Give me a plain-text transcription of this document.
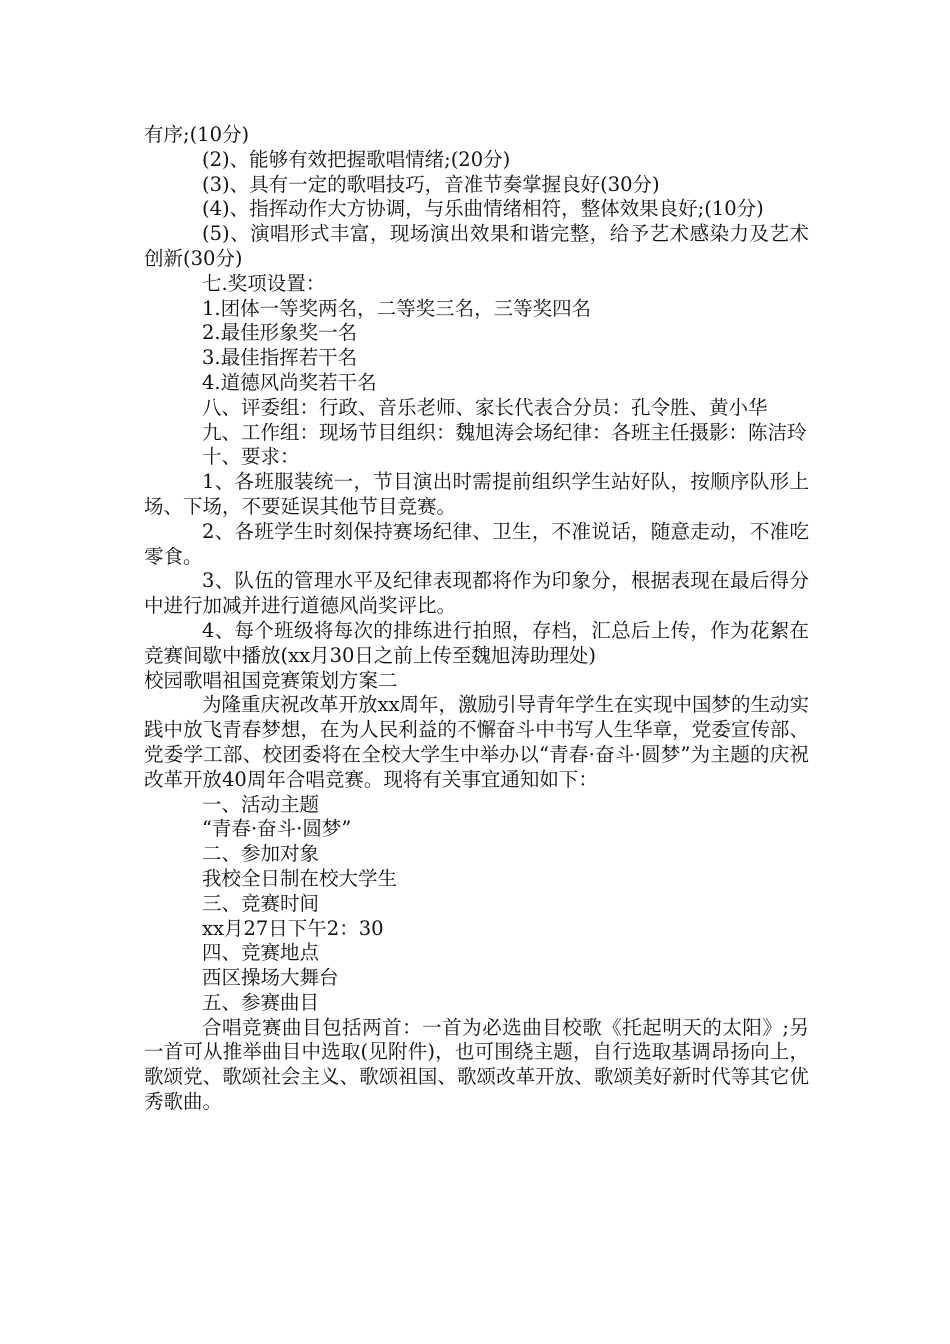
有序;(10分)

(2)、能够有效把握歌唱情绪;(20分)

(3)、具有一定的歌唱技巧，音准节奏掌握良好(30分)

(4)、指挥动作大方协调，与乐曲情绪相符，整体效果良好;(10分)

(5)、演唱形式丰富，现场演出效果和谐完整，给予艺术感染力及艺术创新(30分)

七.奖项设置：

1.团体一等奖两名，二等奖三名，三等奖四名

2.最佳形象奖一名

3.最佳指挥若干名

4.道德风尚奖若干名

八、评委组：行政、音乐老师、家长代表合分员：孔令胜、黄小华

九、工作组：现场节目组织：魏旭涛会场纪律：各班主任摄影：陈洁玲

十、要求：

1、各班服装统一，节目演出时需提前组织学生站好队，按顺序队形上场、下场，不要延误其他节目竞赛。

2、各班学生时刻保持赛场纪律、卫生，不准说话，随意走动，不准吃零食。

3、队伍的管理水平及纪律表现都将作为印象分，根据表现在最后得分中进行加减并进行道德风尚奖评比。

4、每个班级将每次的排练进行拍照，存档，汇总后上传，作为花絮在竞赛间歇中播放(xx月30日之前上传至魏旭涛助理处)

校园歌唱祖国竞赛策划方案二

为隆重庆祝改革开放xx周年，激励引导青年学生在实现中国梦的生动实践中放飞青春梦想，在为人民利益的不懈奋斗中书写人生华章，党委宣传部、党委学工部、校团委将在全校大学生中举办以“青春·奋斗·圆梦”为主题的庆祝改革开放40周年合唱竞赛。现将有关事宜通知如下：

一、活动主题

“青春·奋斗·圆梦”

二、参加对象

我校全日制在校大学生

三、竞赛时间

xx月27日下午2：30

四、竞赛地点

西区操场大舞台

五、参赛曲目

合唱竞赛曲目包括两首：一首为必选曲目校歌《托起明天的太阳》;另一首可从推举曲目中选取(见附件)，也可围绕主题，自行选取基调昂扬向上，歌颂党、歌颂社会主义、歌颂祖国、歌颂改革开放、歌颂美好新时代等其它优秀歌曲。
